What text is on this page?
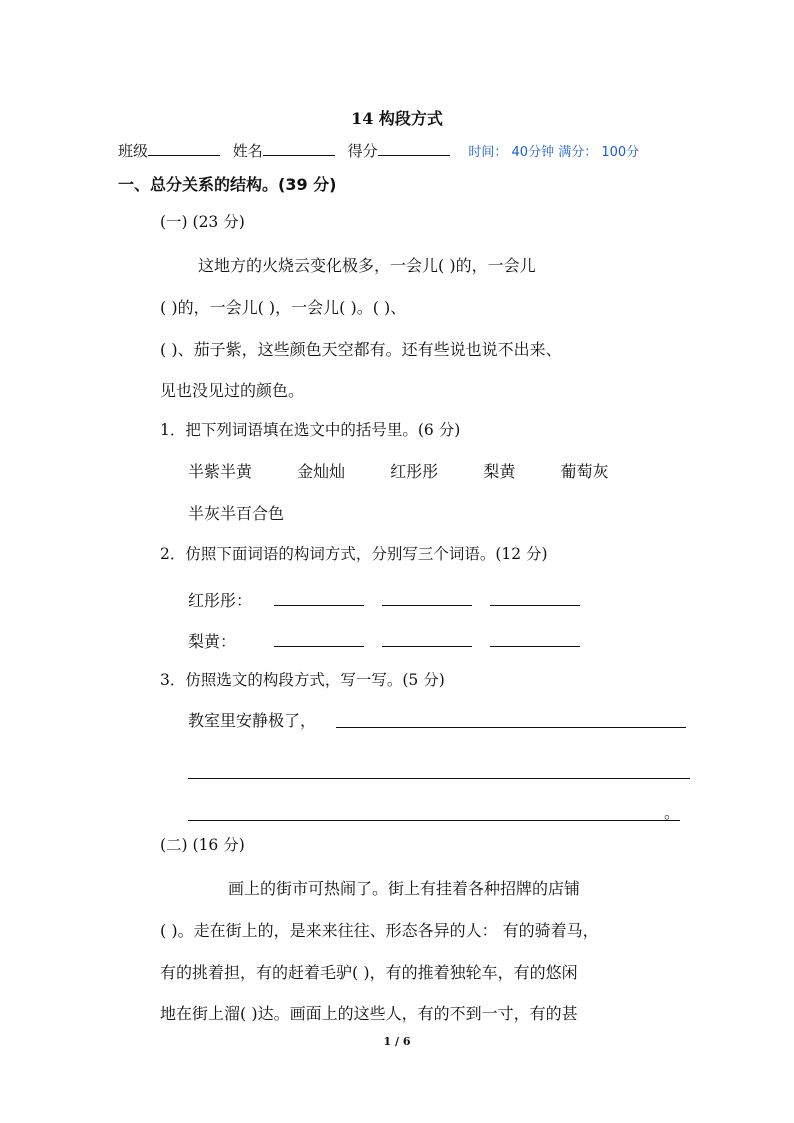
14 构段方式
班级	姓名	得分	时间： 40分钟 满分： 100分
一、总分关系的结构。(39 分)
(一) (23 分)
这地方的火烧云变化极多，一会儿( )的，一会儿
( )的，一会儿( )，一会儿( )。( )、
( )、茄子紫，这些颜色天空都有。还有些说也说不出来、
见也没见过的颜色。
1．把下列词语填在选文中的括号里。(6 分)
半紫半黄	金灿灿	红彤彤	梨黄	葡萄灰
半灰半百合色
2．仿照下面词语的构词方式，分别写三个词语。(12 分)
红彤彤：
梨黄：
3．仿照选文的构段方式，写一写。(5 分)
教室里安静极了，
。
(二) (16 分)
画上的街市可热闹了。街上有挂着各种招牌的店铺
( )。走在街上的，是来来往往、形态各异的人： 有的骑着马，
有的挑着担，有的赶着毛驴( )，有的推着独轮车，有的悠闲
地在街上溜( )达。画面上的这些人，有的不到一寸，有的甚
1 / 6
